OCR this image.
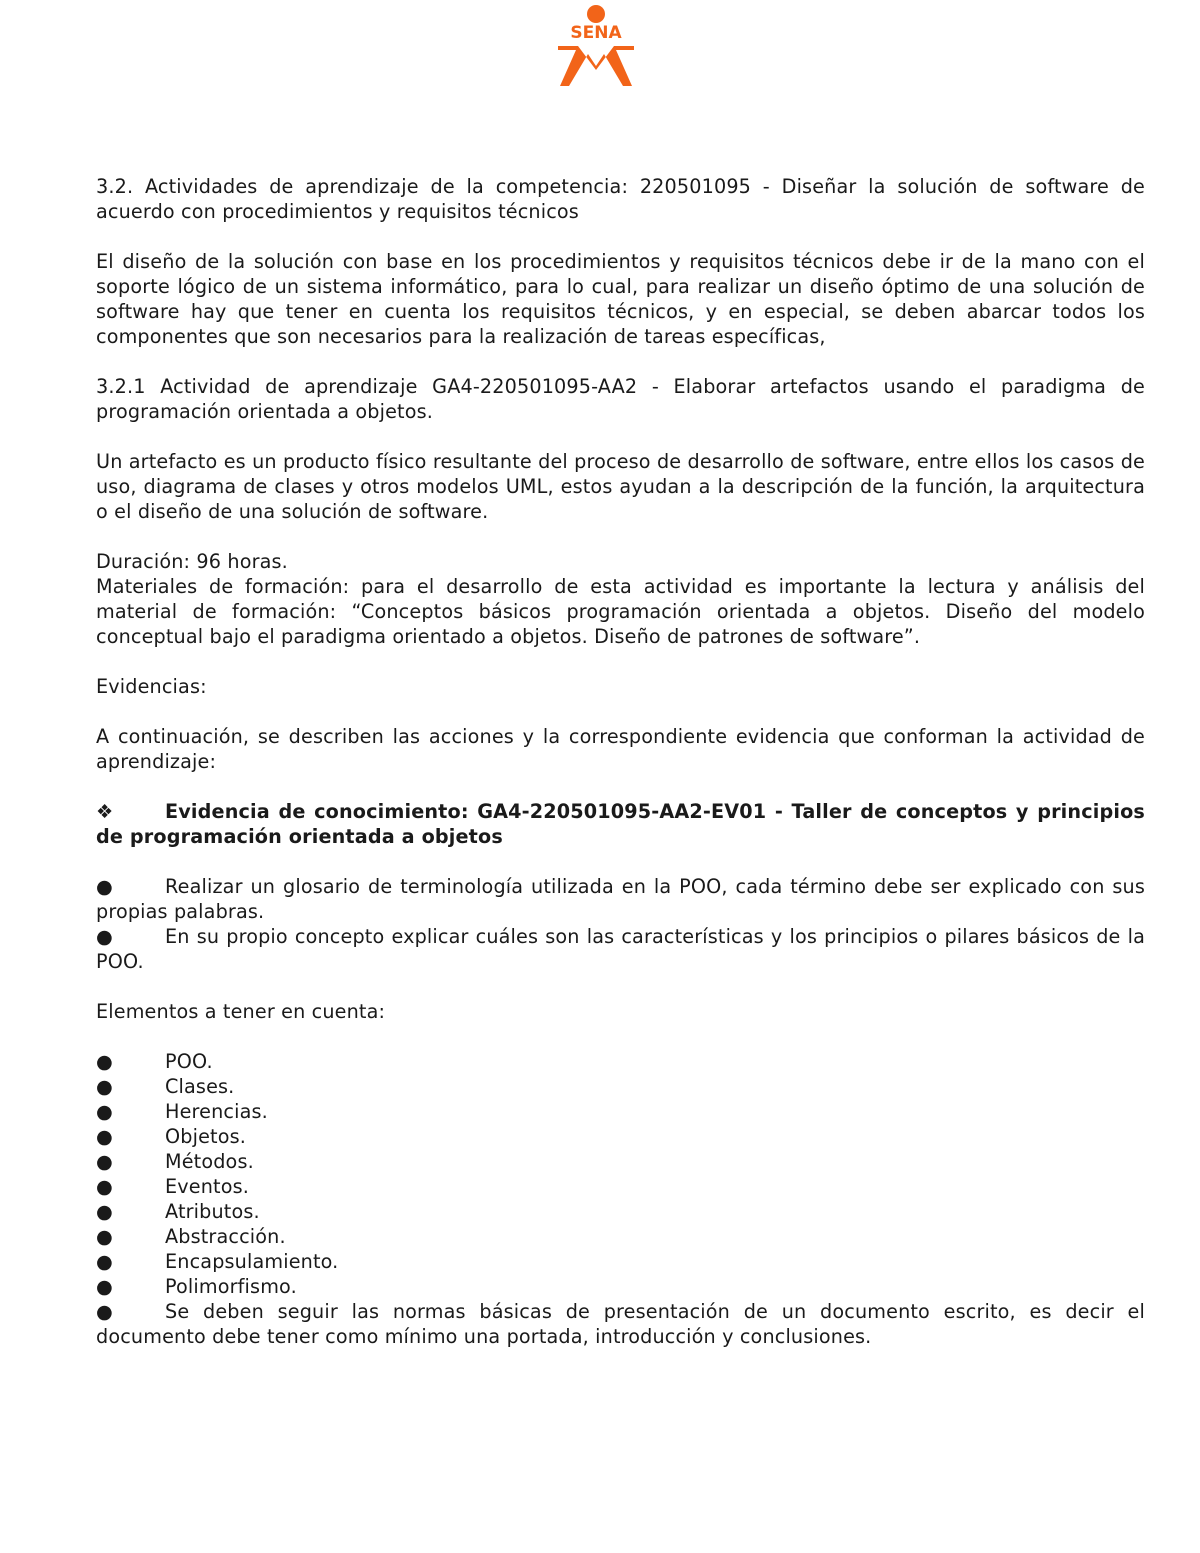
SENA

3.2. Actividades de aprendizaje de la competencia: 220501095 - Diseñar la solución de software de acuerdo con procedimientos y requisitos técnicos

El diseño de la solución con base en los procedimientos y requisitos técnicos debe ir de la mano con el soporte lógico de un sistema informático, para lo cual, para realizar un diseño óptimo de una solución de software hay que tener en cuenta los requisitos técnicos, y en especial, se deben abarcar todos los componentes que son necesarios para la realización de tareas específicas,

3.2.1 Actividad de aprendizaje GA4-220501095-AA2 - Elaborar artefactos usando el paradigma de programación orientada a objetos.

Un artefacto es un producto físico resultante del proceso de desarrollo de software, entre ellos los casos de uso, diagrama de clases y otros modelos UML, estos ayudan a la descripción de la función, la arquitectura o el diseño de una solución de software.

Duración: 96 horas.

Materiales de formación: para el desarrollo de esta actividad es importante la lectura y análisis del material de formación: “Conceptos básicos programación orientada a objetos. Diseño del modelo conceptual bajo el paradigma orientado a objetos. Diseño de patrones de software”.

Evidencias:

A continuación, se describen las acciones y la correspondiente evidencia que conforman la actividad de aprendizaje:

❖	Evidencia de conocimiento: GA4-220501095-AA2-EV01 - Taller de conceptos y principios de programación orientada a objetos

●	Realizar un glosario de terminología utilizada en la POO, cada término debe ser explicado con sus propias palabras.

●	En su propio concepto explicar cuáles son las características y los principios o pilares básicos de la POO.

Elementos a tener en cuenta:

●	POO.
●	Clases.
●	Herencias.
●	Objetos.
●	Métodos.
●	Eventos.
●	Atributos.
●	Abstracción.
●	Encapsulamiento.
●	Polimorfismo.

●	Se deben seguir las normas básicas de presentación de un documento escrito, es decir el documento debe tener como mínimo una portada, introducción y conclusiones.
